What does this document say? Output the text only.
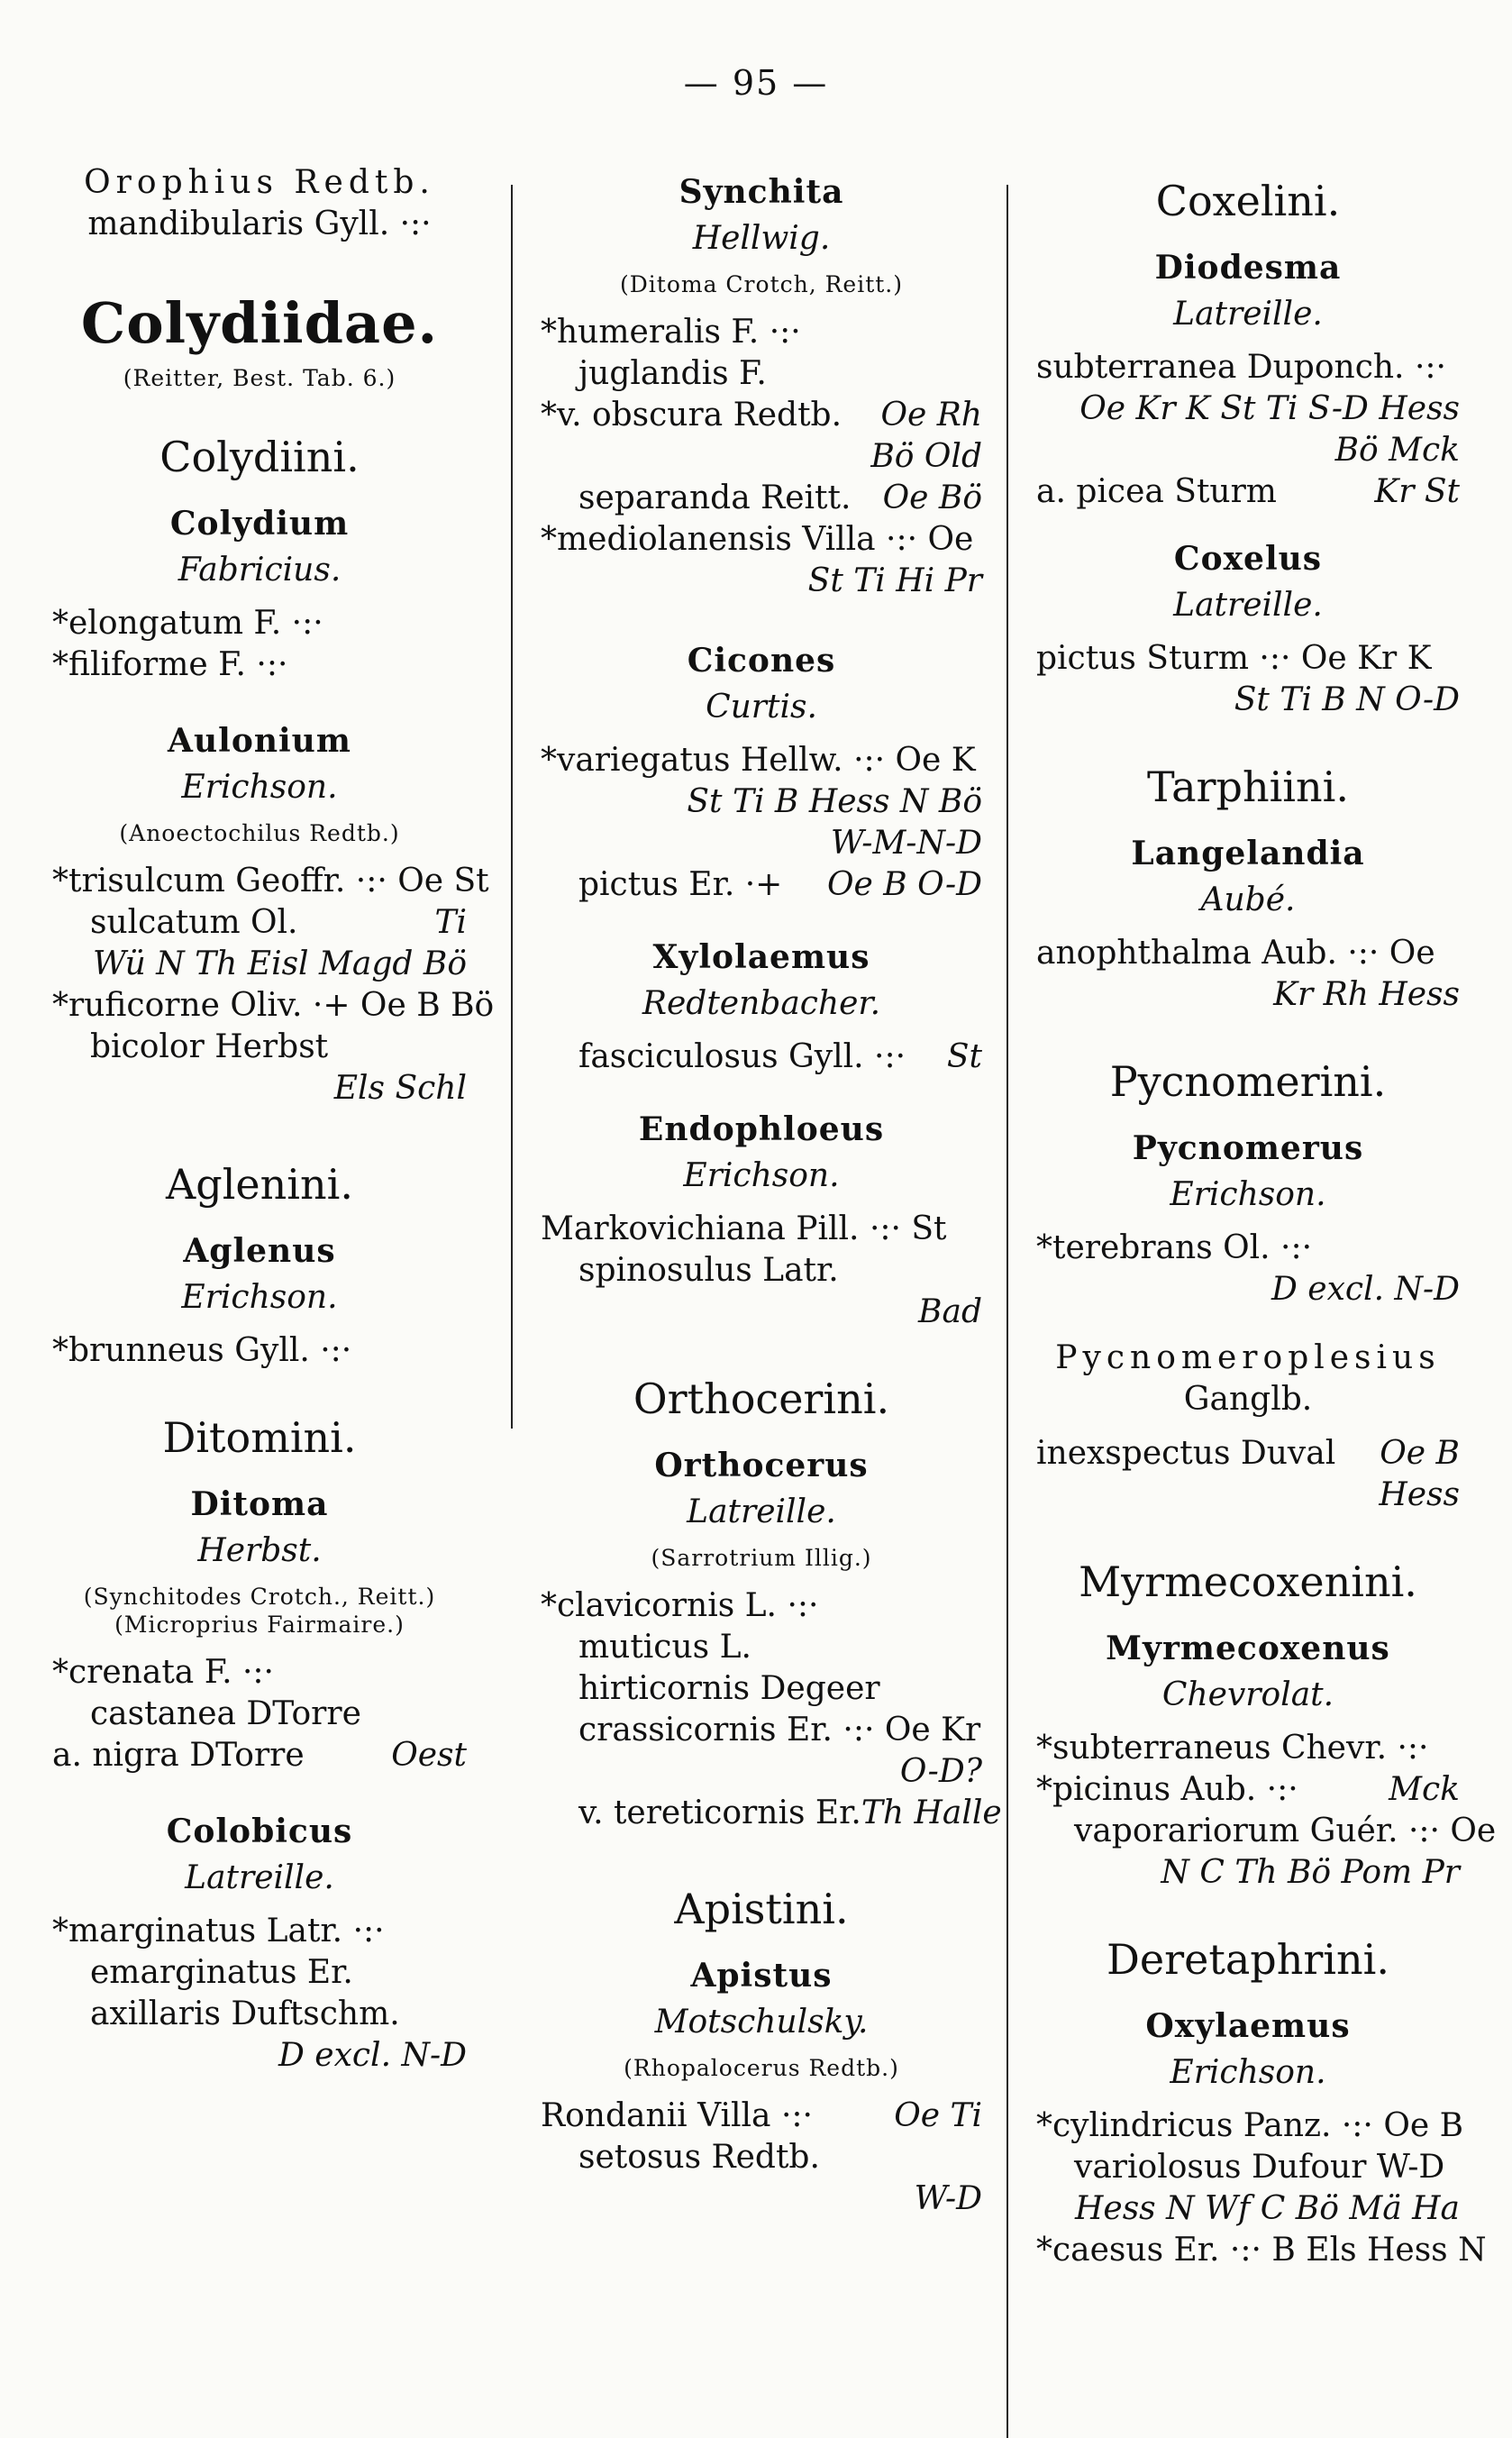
— 95 —
Orophius Redtb.
mandibularis Gyll. ·:·
Colydiidae.
(Reitter, Best. Tab. 6.)
Colydiini.
Colydium
Fabricius.
*elongatum F. ·:·
*filiforme F. ·:·
Aulonium
Erichson.
(Anoectochilus Redtb.)
*trisulcum Geoffr. ·:· Oe St
sulcatum Ol.	Ti
Wü N Th Eisl Magd Bö
*ruficorne Oliv. ·+ Oe B Bö
bicolor Herbst
Els Schl
Aglenini.
Aglenus
Erichson.
*brunneus Gyll. ·:·
Ditomini.
Ditoma
Herbst.
(Synchitodes Crotch., Reitt.)
(Microprius Fairmaire.)
*crenata F. ·:·
castanea DTorre
a. nigra DTorre	Oest
Colobicus
Latreille.
*marginatus Latr. ·:·
emarginatus Er.
axillaris Duftschm.
D excl. N-D
Synchita
Hellwig.
(Ditoma Crotch, Reitt.)
*humeralis F. ·:·
juglandis F.
*v. obscura Redtb. Oe Rh
Bö Old
separanda Reitt. Oe Bö
*mediolanensis Villa ·:· Oe
St Ti Hi Pr
Cicones
Curtis.
*variegatus Hellw. ·:· Oe K
St Ti B Hess N Bö
W-M-N-D
pictus Er. ·+ Oe B O-D
Xylolaemus
Redtenbacher.
fasciculosus Gyll. ·:· St
Endophloeus
Erichson.
Markovichiana Pill. ·:· St
spinosulus Latr.
Bad
Orthocerini.
Orthocerus
Latreille.
(Sarrotrium Illig.)
*clavicornis L. ·:·
muticus L.
hirticornis Degeer
crassicornis Er. ·:· Oe Kr
O-D?
v. tereticornis Er.Th Halle
Apistini.
Apistus
Motschulsky.
(Rhopalocerus Redtb.)
Rondanii Villa ·:·	Oe Ti
setosus Redtb.
W-D
Coxelini.
Diodesma
Latreille.
subterranea Duponch. ·:·
Oe Kr K St Ti S-D Hess
Bö Mck
a. picea Sturm	Kr St
Coxelus
Latreille.
pictus Sturm ·:· Oe Kr K
St Ti B N O-D
Tarphiini.
Langelandia
Aubé.
anophthalma Aub. ·:· Oe
Kr Rh Hess
Pycnomerini.
Pycnomerus
Erichson.
*terebrans Ol. ·:·
D excl. N-D
Pycnomeroplesius
Ganglb.
inexspectus Duval Oe B
Hess
Myrmecoxenini.
Myrmecoxenus
Chevrolat.
*subterraneus Chevr. ·:·
*picinus Aub. ·:·	Mck
vaporariorum Guér. ·:· Oe
N C Th Bö Pom Pr
Deretaphrini.
Oxylaemus
Erichson.
*cylindricus Panz. ·:· Oe B
variolosus Dufour W-D
Hess N Wf C Bö Mä Ha
*caesus Er. ·:· B Els Hess N
